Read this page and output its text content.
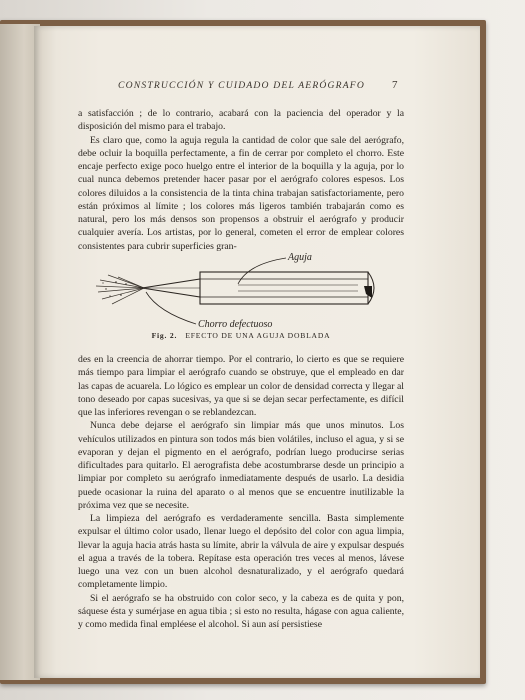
CONSTRUCCIÓN Y CUIDADO DEL AERÓGRAFO	7

a satisfacción ; de lo contrario, acabará con la paciencia del operador y la disposición del mismo para el trabajo.

Es claro que, como la aguja regula la cantidad de color que sale del aerógrafo, debe ocluir la boquilla perfectamente, a fin de cerrar por completo el chorro. Este encaje perfecto exige poco huelgo entre el interior de la boquilla y la aguja, por lo cual nunca debemos pretender hacer pasar por el aerógrafo colores espesos. Los colores diluidos a la consistencia de la tinta china trabajan satisfactoriamente, pero están próximos al límite ; los colores más ligeros también trabajarán como es natural, pero los más densos son propensos a obstruir el aerógrafo y producir cualquier avería. Los artistas, por lo general, cometen el error de emplear colores consistentes para cubrir superficies gran-

Aguja
Chorro defectuoso
Fig. 2. EFECTO DE UNA AGUJA DOBLADA

des en la creencia de ahorrar tiempo. Por el contrario, lo cierto es que se requiere más tiempo para limpiar el aerógrafo cuando se obstruye, que el empleado en dar las capas de acuarela. Lo lógico es emplear un color de densidad correcta y llegar al tono deseado por capas sucesivas, ya que si se dejan secar perfectamente, es difícil que las inferiores revengan o se reblandezcan.

Nunca debe dejarse el aerógrafo sin limpiar más que unos minutos. Los vehículos utilizados en pintura son todos más bien volátiles, incluso el agua, y si se evaporan y dejan el pigmento en el aerógrafo, podrían luego producirse serias dificultades para quitarlo. El aerografista debe acostumbrarse desde un principio a limpiar por completo su aerógrafo inmediatamente después de usarlo. La desidia puede ocasionar la ruina del aparato o al menos que se encuentre inutilizable la próxima vez que se necesite.

La limpieza del aerógrafo es verdaderamente sencilla. Basta simplemente expulsar el último color usado, llenar luego el depósito del color con agua limpia, llevar la aguja hacia atrás hasta su límite, abrir la válvula de aire y expulsar después el agua a través de la tobera. Repítase esta operación tres veces al menos, lávese luego una vez con un buen alcohol desnaturalizado, y el aerógrafo quedará completamente limpio.

Si el aerógrafo se ha obstruido con color seco, y la cabeza es de quita y pon, sáquese ésta y sumérjase en agua tibia ; si esto no resulta, hágase con agua caliente, y como medida final empléese el alcohol. Si aun así persistiese
